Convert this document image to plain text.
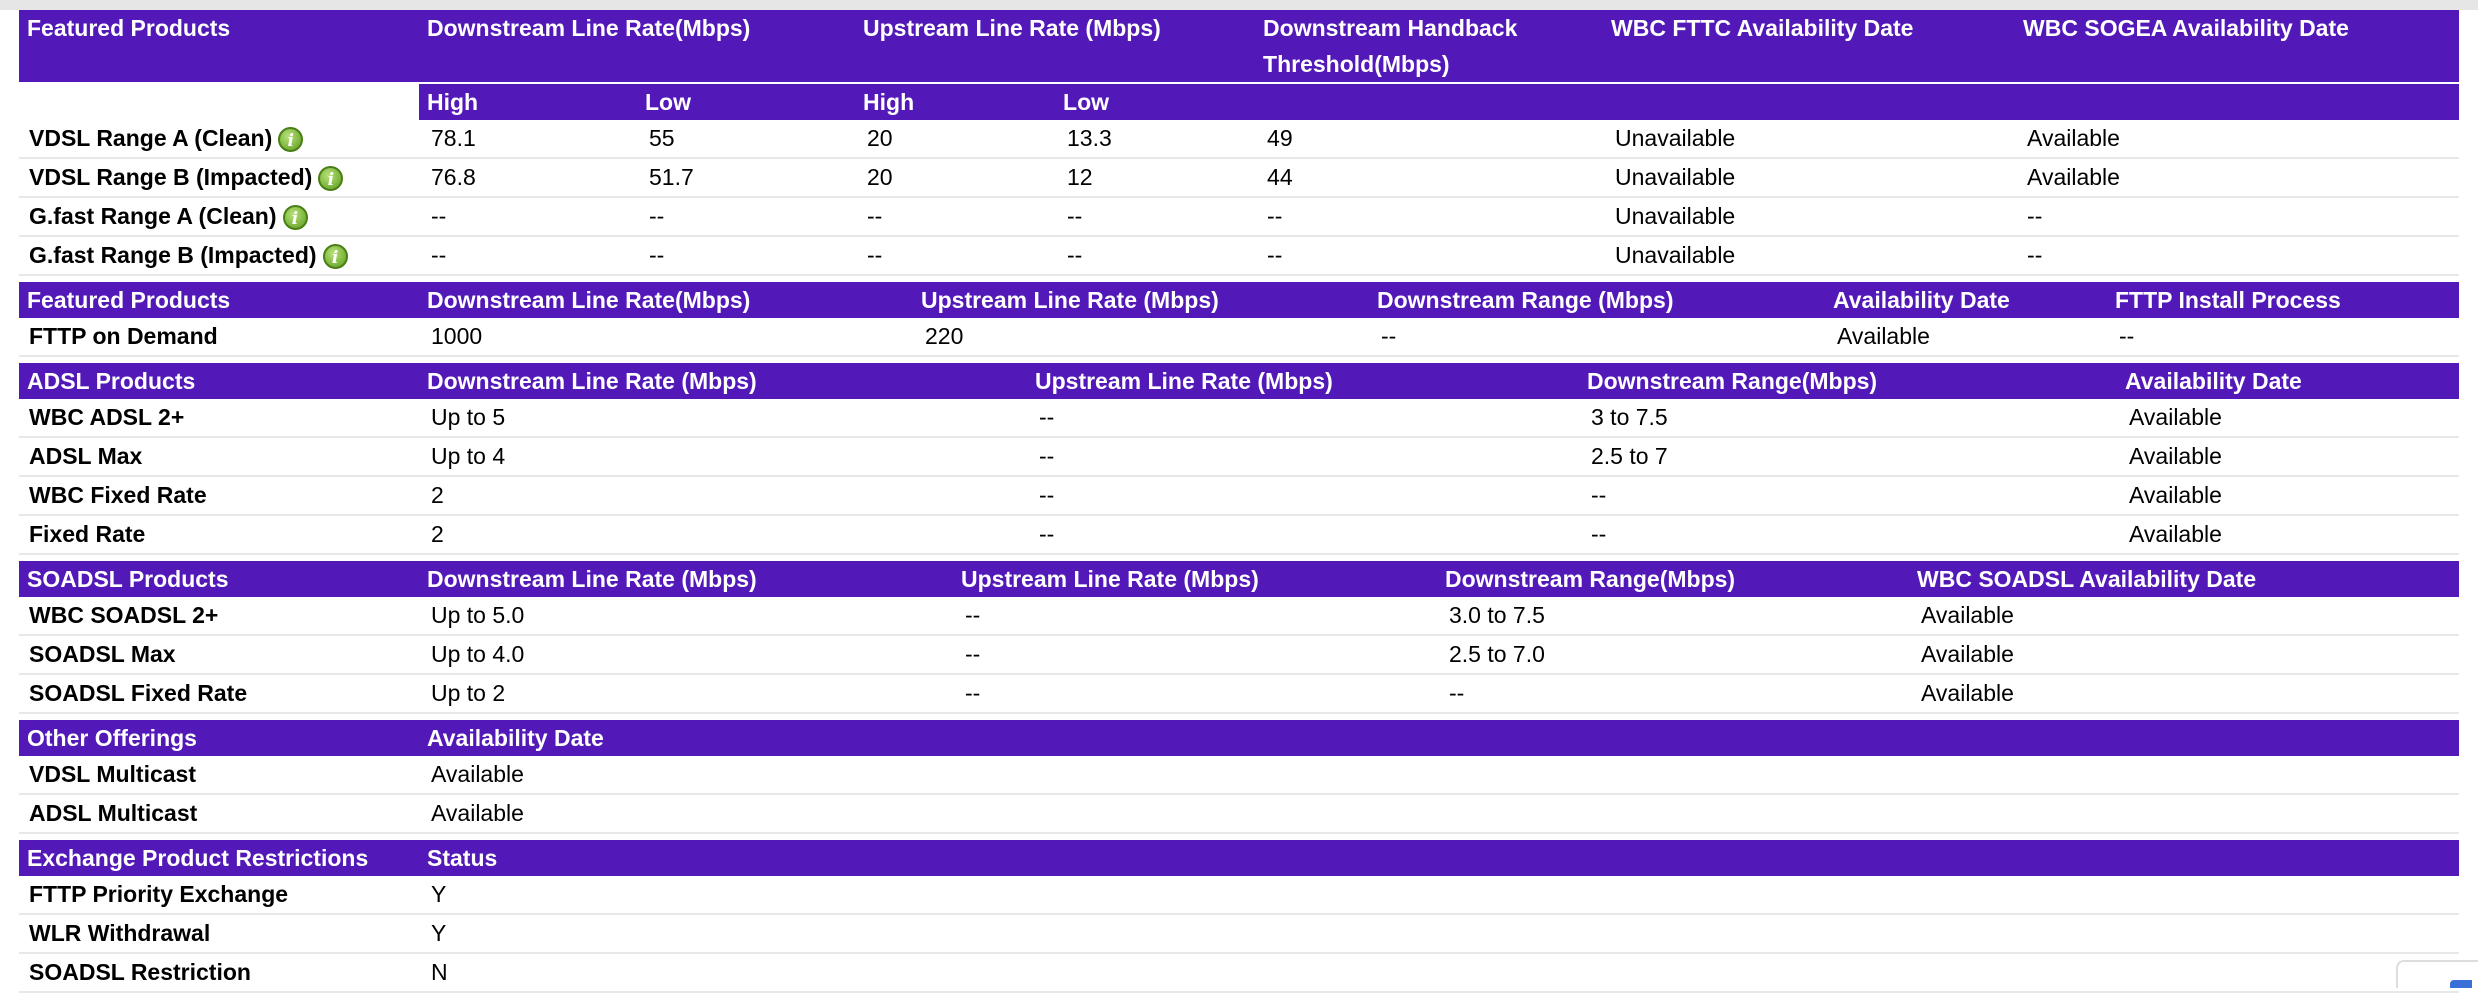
Featured Products	Downstream Line Rate(Mbps)		Upstream Line Rate (Mbps)		Downstream Handback Threshold(Mbps)	WBC FTTC Availability Date	WBC SOGEA Availability Date
	High	Low	High	Low			
VDSL Range A (Clean) i	78.1	55	20	13.3	49	Unavailable	Available
VDSL Range B (Impacted) i	76.8	51.7	20	12	44	Unavailable	Available
G.fast Range A (Clean) i	--	--	--	--	--	Unavailable	--
G.fast Range B (Impacted) i	--	--	--	--	--	Unavailable	--
Featured Products	Downstream Line Rate(Mbps)	Upstream Line Rate (Mbps)	Downstream Range (Mbps)	Availability Date	FTTP Install Process
FTTP on Demand	1000	220	--	Available	--
ADSL Products	Downstream Line Rate (Mbps)	Upstream Line Rate (Mbps)	Downstream Range(Mbps)	Availability Date
WBC ADSL 2+	Up to 5	--	3 to 7.5	Available
ADSL Max	Up to 4	--	2.5 to 7	Available
WBC Fixed Rate	2	--	--	Available
Fixed Rate	2	--	--	Available
SOADSL Products	Downstream Line Rate (Mbps)	Upstream Line Rate (Mbps)	Downstream Range(Mbps)	WBC SOADSL Availability Date
WBC SOADSL 2+	Up to 5.0	--	3.0 to 7.5	Available
SOADSL Max	Up to 4.0	--	2.5 to 7.0	Available
SOADSL Fixed Rate	Up to 2	--	--	Available
Other Offerings	Availability Date
VDSL Multicast	Available
ADSL Multicast	Available
Exchange Product Restrictions	Status
FTTP Priority Exchange	Y
WLR Withdrawal	Y
SOADSL Restriction	N
